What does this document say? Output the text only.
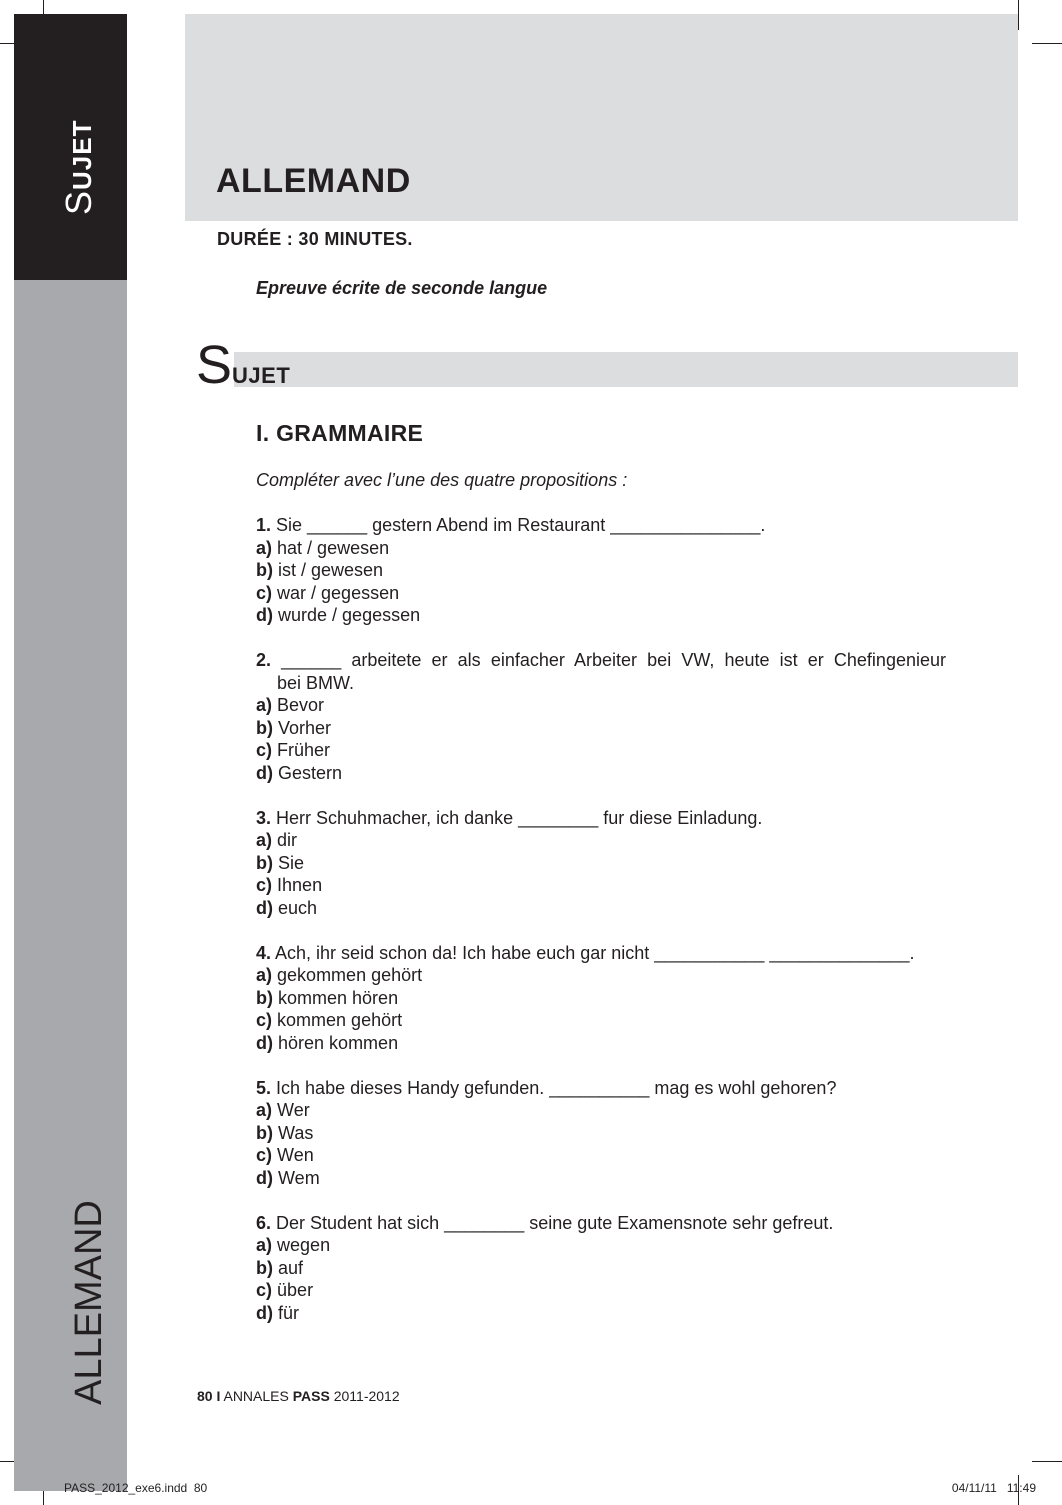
SUJET
ALLEMAND
ALLEMAND
DURÉE : 30 MINUTES.
Epreuve écrite de seconde langue
SUJET
I. GRAMMAIRE
Compléter avec l’une des quatre propositions :
1. Sie ______ gestern Abend im Restaurant _______________.
a) hat / gewesen
b) ist / gewesen
c) war / gegessen
d) wurde / gegessen
2. ______ arbeitete er als einfacher Arbeiter bei VW, heute ist er Chefingenieur
bei BMW.
a) Bevor
b) Vorher
c) Früher
d) Gestern
3. Herr Schuhmacher, ich danke ________ fur diese Einladung.
a) dir
b) Sie
c) Ihnen
d) euch
4. Ach, ihr seid schon da! Ich habe euch gar nicht ___________ ______________.
a) gekommen gehört
b) kommen hören
c) kommen gehört
d) hören kommen
5. Ich habe dieses Handy gefunden. __________ mag es wohl gehoren?
a) Wer
b) Was
c) Wen
d) Wem
6. Der Student hat sich ________ seine gute Examensnote sehr gefreut.
a) wegen
b) auf
c) über
d) für
80 I ANNALES PASS 2011-2012
PASS_2012_exe6.indd  80	04/11/11   11:49
